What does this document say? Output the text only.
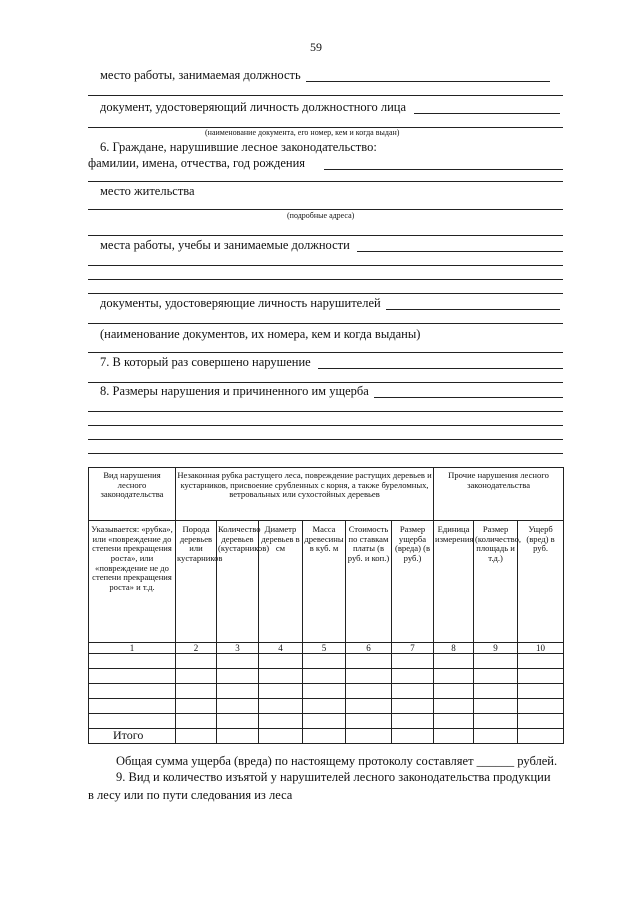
59
место работы, занимаемая должность
документ, удостоверяющий личность должностного лица
(наименование документа, его номер, кем и когда выдан)
6. Граждане, нарушившие лесное законодательство:
фамилии, имена, отчества, год рождения
место жительства
(подробные адреса)
места работы, учебы и занимаемые должности
документы, удостоверяющие личность нарушителей
(наименование документов, их номера, кем и когда выданы)
7. В который раз совершено нарушение
8. Размеры нарушения и причиненного им ущерба
Вид нарушения лесного законодательства	Незаконная рубка растущего леса, повреждение растущих деревьев и кустарников, присвоение срубленных с корня, а также буреломных, ветровальных или сухостойных деревьев						Прочие нарушения лесного законодательства		
Указывается: «рубка», или «повреждение до степени прекращения роста», или «повреждение не до степени прекращения роста» и т.д.	Порода деревьев или кустарников	Количество деревьев (кустарников)	Диаметр деревьев в см	Масса древесины в куб. м	Стоимость по ставкам платы (в руб. и коп.)	Размер ущерба (вреда) (в руб.)	Единица измерения	Размер (количество, площадь и т.д.)	Ущерб (вред) в руб.
1	2	3	4	5	6	7	8	9	10

Итого
Общая сумма ущерба (вреда) по настоящему протоколу составляет ______ рублей.
9. Вид и количество изъятой у нарушителей лесного законодательства продукции
в лесу или по пути следования из леса
